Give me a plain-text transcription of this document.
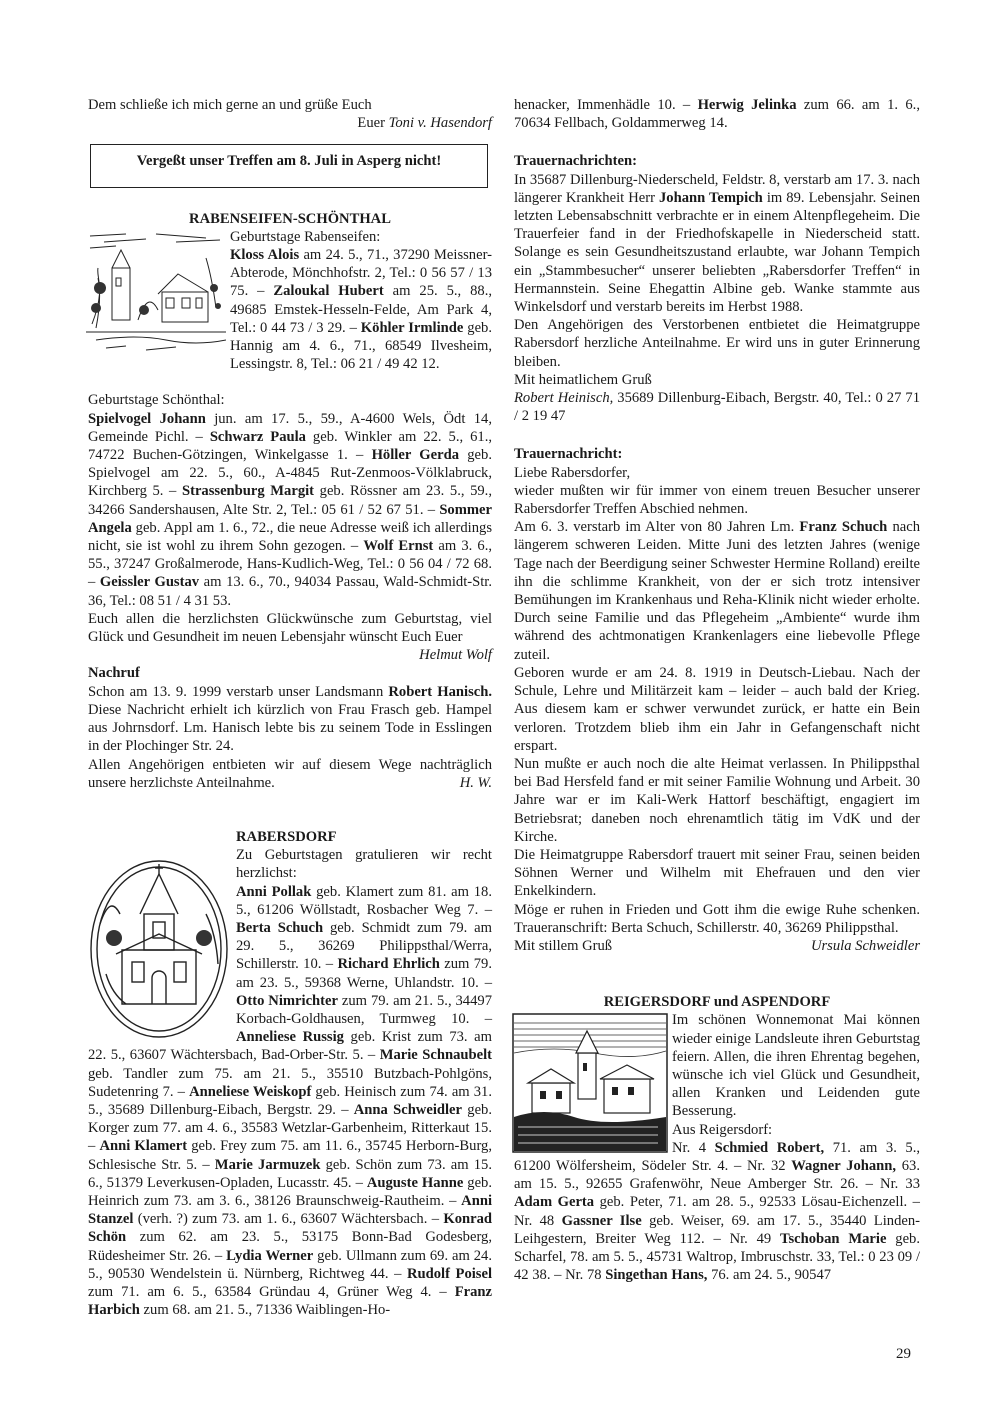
Dem schließe ich mich gerne an und grüße Euch

Euer Toni v. Hasendorf

Vergeßt unser Treffen am 8. Juli in Asperg nicht!

RABENSEIFEN-SCHÖNTHAL

Geburtstage Rabenseifen:
Kloss Alois am 24. 5., 71., 37290 Meissner-Abterode, Mönchhofstr. 2, Tel.: 0 56 57 / 13 75. – Zaloukal Hubert am 25. 5., 88., 49685 Emstek-Hesseln-Felde, Am Park 4, Tel.: 0 44 73 / 3 29. – Köhler Irmlinde geb. Hannig am 4. 6., 71., 68549 Ilvesheim, Lessingstr. 8, Tel.: 06 21 / 49 42 12.

Geburtstage Schönthal:

Spielvogel Johann jun. am 17. 5., 59., A-4600 Wels, Ödt 14, Gemeinde Pichl. – Schwarz Paula geb. Winkler am 22. 5., 61., 74722 Buchen-Götzingen, Winkelgasse 1. – Höller Gerda geb. Spielvogel am 22. 5., 60., A-4845 Rut-Zenmoos-Völklabruck, Kirchberg 5. – Strassenburg Margit geb. Rössner am 23. 5., 59., 34266 Sandershausen, Alte Str. 2, Tel.: 05 61 / 52 67 51. – Sommer Angela geb. Appl am 1. 6., 72., die neue Adresse weiß ich allerdings nicht, sie ist wohl zu ihrem Sohn gezogen. – Wolf Ernst am 3. 6., 55., 37247 Großalmerode, Hans-Kudlich-Weg, Tel.: 0 56 04 / 72 68. – Geissler Gustav am 13. 6., 70., 94034 Passau, Wald-Schmidt-Str. 36, Tel.: 08 51 / 4 31 53.

Euch allen die herzlichsten Glückwünsche zum Geburtstag, viel Glück und Gesundheit im neuen Lebensjahr wünscht Euch Euer

Helmut Wolf

Nachruf

Schon am 13. 9. 1999 verstarb unser Landsmann Robert Hanisch. Diese Nachricht erhielt ich kürzlich von Frau Frasch geb. Hampel aus Johrnsdorf. Lm. Hanisch lebte bis zu seinem Tode in Esslingen in der Plochinger Str. 24.

Allen Angehörigen entbieten wir auf diesem Wege nachträglich unsere herzlichste Anteilnahme.	H. W.

RABERSDORF

Zu Geburtstagen gratulieren wir recht herzlichst:
Anni Pollak geb. Klamert zum 81. am 18. 5., 61206 Wöllstadt, Rosbacher Weg 7. – Berta Schuch geb. Schmidt zum 79. am 29. 5., 36269 Philippsthal/Werra, Schillerstr. 10. – Richard Ehrlich zum 79. am 23. 5., 59368 Werne, Uhlandstr. 10. – Otto Nimrichter zum 79. am 21. 5., 34497 Korbach-Goldhausen, Turmweg 10. – Anneliese Russig geb. Krist zum 73. am 22. 5., 63607 Wächtersbach, Bad-Orber-Str. 5. – Marie Schnaubelt geb. Tandler zum 75. am 21. 5., 35510 Butzbach-Pohlgöns, Sudetenring 7. – Anneliese Weiskopf geb. Heinisch zum 74. am 31. 5., 35689 Dillenburg-Eibach, Bergstr. 29. – Anna Schweidler geb. Korger zum 77. am 4. 6., 35583 Wetzlar-Garbenheim, Ritterkaut 15. – Anni Klamert geb. Frey zum 75. am 11. 6., 35745 Herborn-Burg, Schlesische Str. 5. – Marie Jarmuzek geb. Schön zum 73. am 15. 6., 51379 Leverkusen-Opladen, Lucasstr. 45. – Auguste Hanne geb. Heinrich zum 73. am 3. 6., 38126 Braunschweig-Rautheim. – Anni Stanzel (verh. ?) zum 73. am 1. 6., 63607 Wächtersbach. – Konrad Schön zum 62. am 23. 5., 53175 Bonn-Bad Godesberg, Rüdesheimer Str. 26. – Lydia Werner geb. Ullmann zum 69. am 24. 5., 90530 Wendelstein ü. Nürnberg, Richtweg 44. – Rudolf Poisel zum 71. am 6. 5., 63584 Gründau 4, Grüner Weg 4. – Franz Harbich zum 68. am 21. 5., 71336 Waiblingen-Ho-

henacker, Immenhädle 10. – Herwig Jelinka zum 66. am 1. 6., 70634 Fellbach, Goldammerweg 14.

Trauernachrichten:

In 35687 Dillenburg-Niederscheld, Feldstr. 8, verstarb am 17. 3. nach längerer Krankheit Herr Johann Tempich im 89. Lebensjahr. Seinen letzten Lebensabschnitt verbrachte er in einem Altenpflegeheim. Die Trauerfeier fand in der Friedhofskapelle in Niederscheid statt. Solange es sein Gesundheitszustand erlaubte, war Johann Tempich ein „Stammbesucher“ unserer beliebten „Rabersdorfer Treffen“ in Hermannstein. Seine Ehegattin Albine geb. Wanke stammte aus Winkelsdorf und verstarb bereits im Herbst 1988.

Den Angehörigen des Verstorbenen entbietet die Heimatgruppe Rabersdorf herzliche Anteilnahme. Er wird uns in guter Erinnerung bleiben.

Mit heimatlichem Gruß

Robert Heinisch, 35689 Dillenburg-Eibach, Bergstr. 40, Tel.: 0 27 71 / 2 19 47

Trauernachricht:

Liebe Rabersdorfer,

wieder mußten wir für immer von einem treuen Besucher unserer Rabersdorfer Treffen Abschied nehmen.

Am 6. 3. verstarb im Alter von 80 Jahren Lm. Franz Schuch nach längerem schweren Leiden. Mitte Juni des letzten Jahres (wenige Tage nach der Beerdigung seiner Schwester Hermine Rolland) ereilte ihn die schlimme Krankheit, von der er sich trotz intensiver Bemühungen im Krankenhaus und Reha-Klinik nicht wieder erholte. Durch seine Familie und das Pflegeheim „Ambiente“ wurde ihm während des achtmonatigen Krankenlagers eine liebevolle Pflege zuteil.

Geboren wurde er am 24. 8. 1919 in Deutsch-Liebau. Nach der Schule, Lehre und Militärzeit kam – leider – auch bald der Krieg. Aus diesem kam er schwer verwundet zurück, er hatte ein Bein verloren. Trotzdem blieb ihm ein Jahr in Gefangenschaft nicht erspart.

Nun mußte er auch noch die alte Heimat verlassen. In Philippsthal bei Bad Hersfeld fand er mit seiner Familie Wohnung und Arbeit. 30 Jahre war er im Kali-Werk Hattorf beschäftigt, engagiert im Betriebsrat; daneben noch ehrenamtlich tätig im VdK und der Kirche.

Die Heimatgruppe Rabersdorf trauert mit seiner Frau, seinen beiden Söhnen Werner und Wilhelm mit Ehefrauen und den vier Enkelkindern.

Möge er ruhen in Frieden und Gott ihm die ewige Ruhe schenken. Traueranschrift: Berta Schuch, Schillerstr. 40, 36269 Philippsthal.

Mit stillem Gruß	Ursula Schweidler

REIGERSDORF und ASPENDORF

Im schönen Wonnemonat Mai können wieder einige Landsleute ihren Geburtstag feiern. Allen, die ihren Ehrentag begehen, wünsche ich viel Glück und Gesundheit, allen Kranken und Leidenden gute Besserung.

Aus Reigersdorf:

Nr. 4 Schmied Robert, 71. am 3. 5., 61200 Wölfersheim, Södeler Str. 4. – Nr. 32 Wagner Johann, 63. am 15. 5., 92655 Grafenwöhr, Neue Amberger Str. 26. – Nr. 33 Adam Gerta geb. Peter, 71. am 28. 5., 92533 Lösau-Eichenzell. – Nr. 48 Gassner Ilse geb. Weiser, 69. am 17. 5., 35440 Linden-Leihgestern, Breiter Weg 112. – Nr. 49 Tschoban Marie geb. Scharfel, 78. am 5. 5., 45731 Waltrop, Imbruschstr. 33, Tel.: 0 23 09 / 42 38. – Nr. 78 Singethan Hans, 76. am 24. 5., 90547

29
